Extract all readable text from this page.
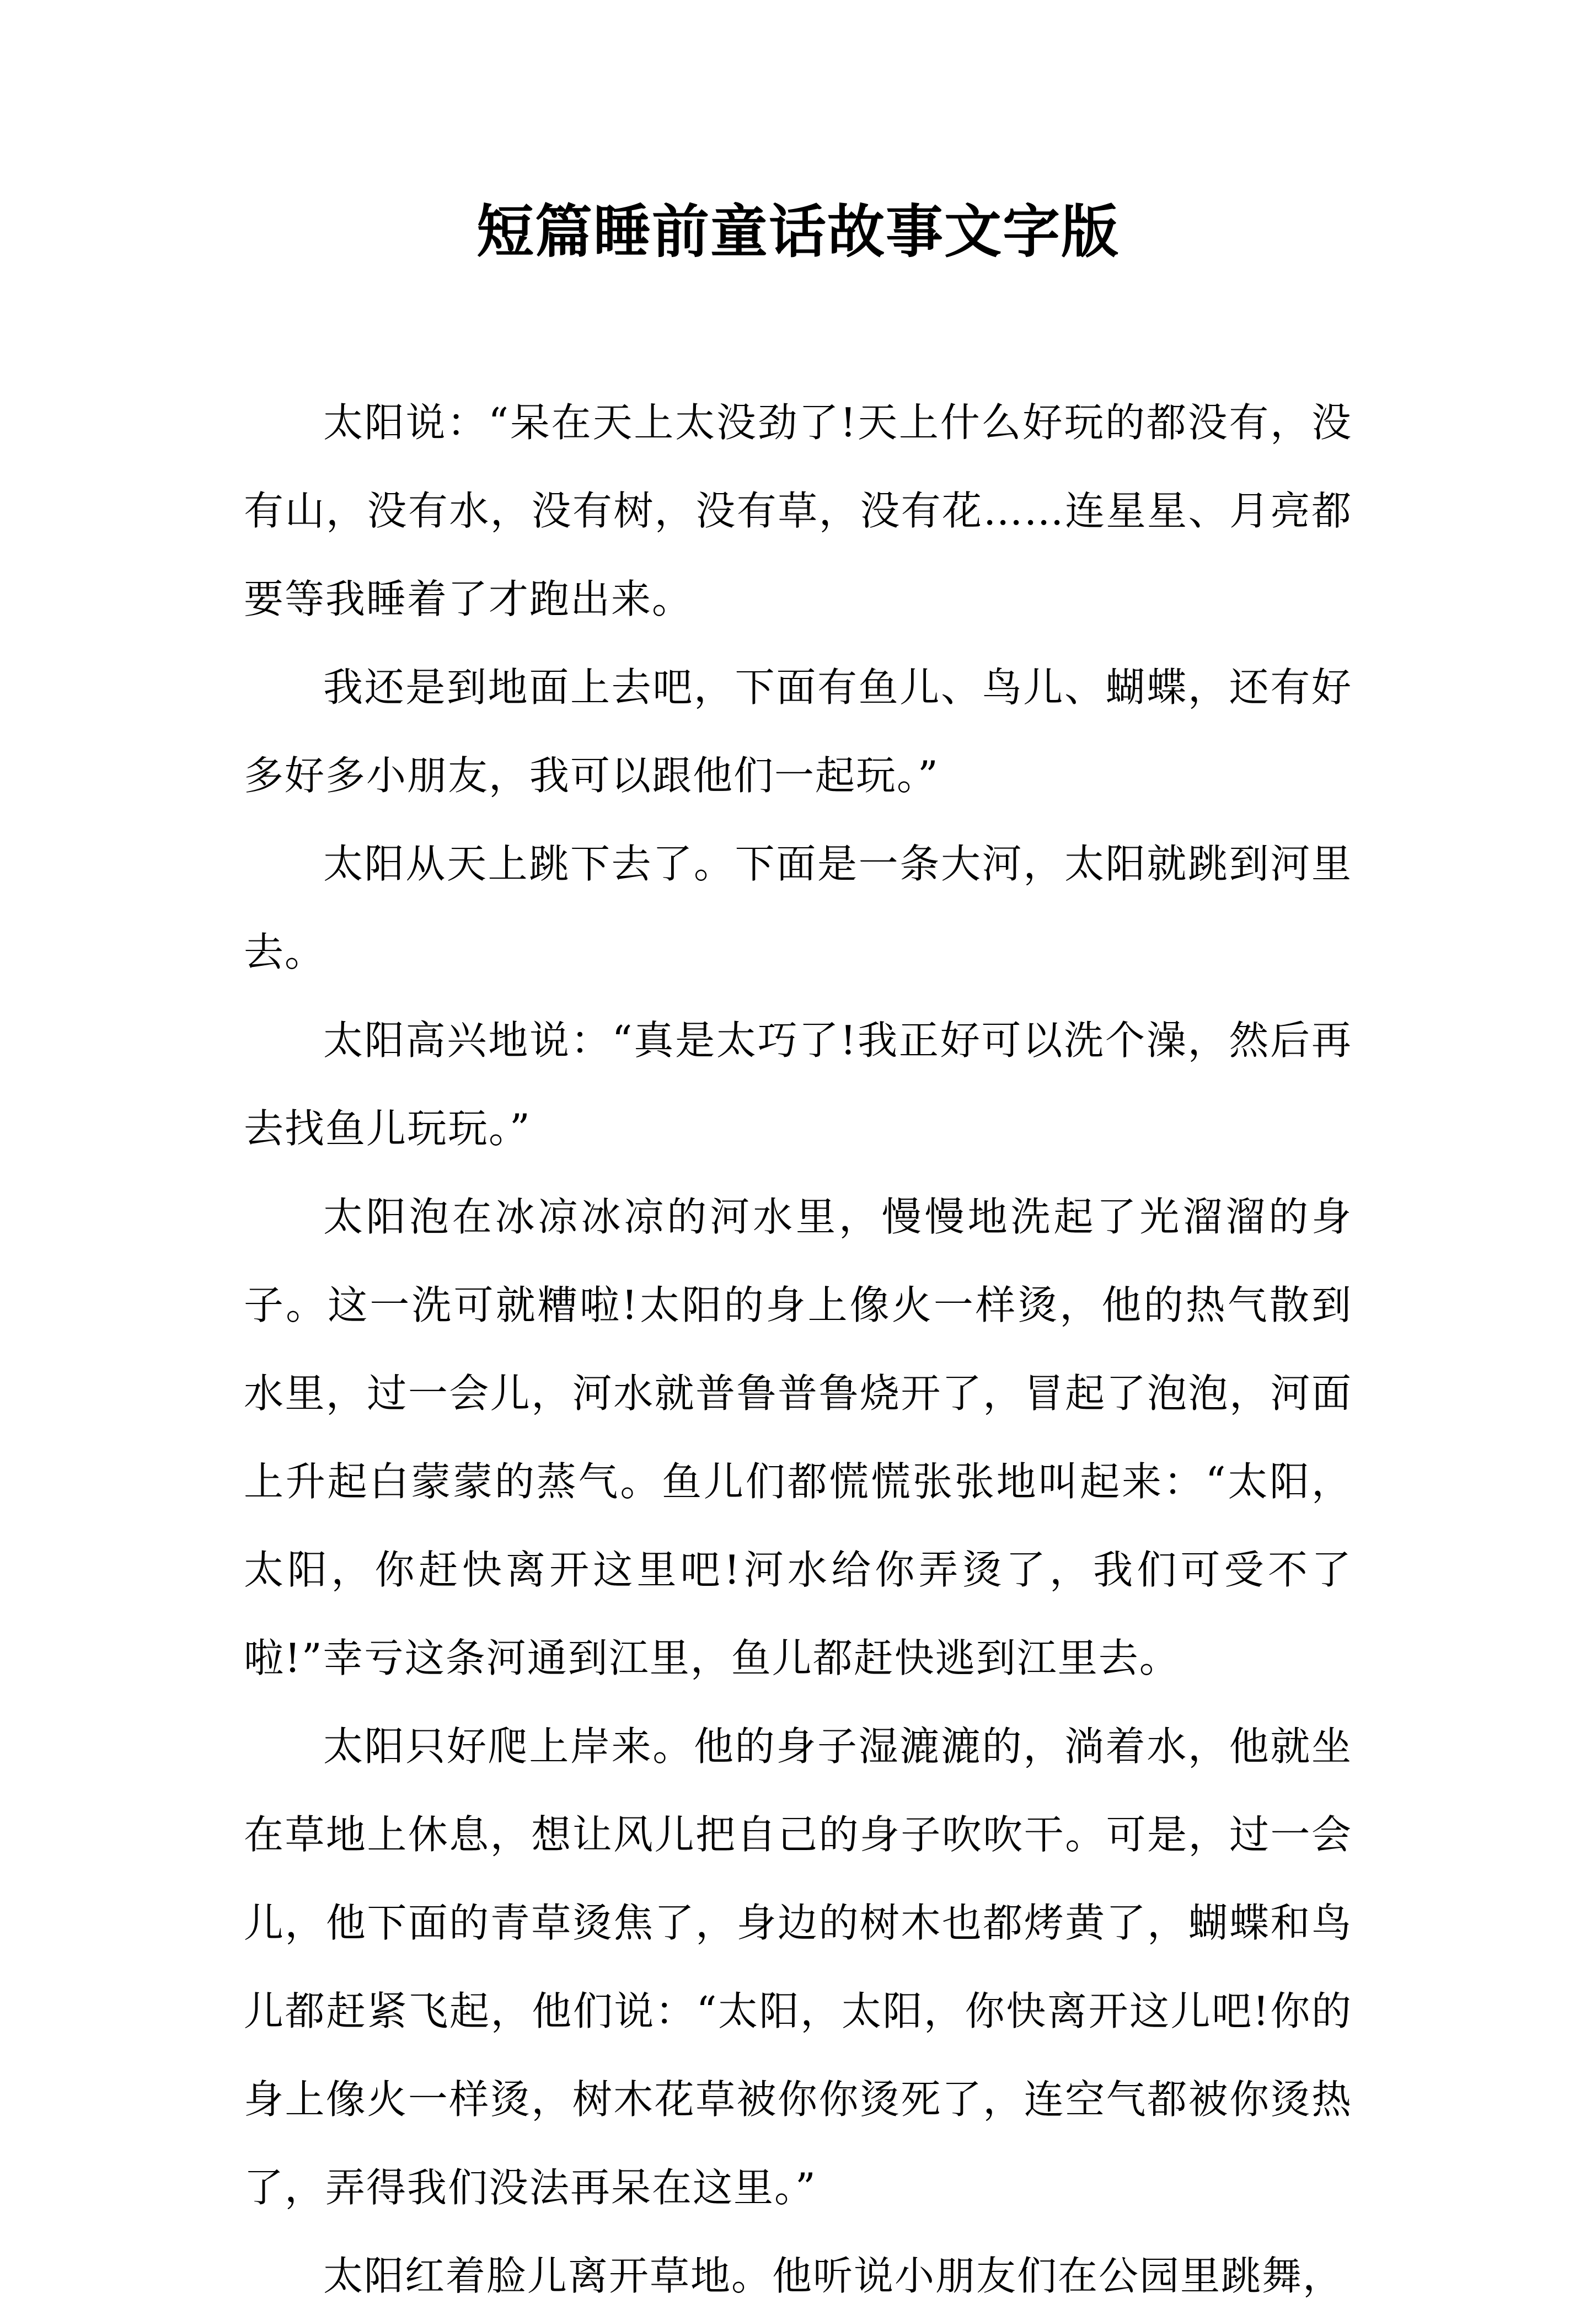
短篇睡前童话故事文字版

太阳说：“呆在天上太没劲了!天上什么好玩的都没有，没有山，没有水，没有树，没有草，没有花……连星星、月亮都要等我睡着了才跑出来。

我还是到地面上去吧，下面有鱼儿、鸟儿、蝴蝶，还有好多好多小朋友，我可以跟他们一起玩。”

太阳从天上跳下去了。下面是一条大河，太阳就跳到河里去。

太阳高兴地说：“真是太巧了!我正好可以洗个澡，然后再去找鱼儿玩玩。”

太阳泡在冰凉冰凉的河水里，慢慢地洗起了光溜溜的身子。这一洗可就糟啦!太阳的身上像火一样烫，他的热气散到水里，过一会儿，河水就普鲁普鲁烧开了，冒起了泡泡，河面上升起白蒙蒙的蒸气。鱼儿们都慌慌张张地叫起来：“太阳，太阳，你赶快离开这里吧!河水给你弄烫了，我们可受不了啦!”幸亏这条河通到江里，鱼儿都赶快逃到江里去。

太阳只好爬上岸来。他的身子湿漉漉的，淌着水，他就坐在草地上休息，想让风儿把自己的身子吹吹干。可是，过一会儿，他下面的青草烫焦了，身边的树木也都烤黄了，蝴蝶和鸟儿都赶紧飞起，他们说：“太阳，太阳，你快离开这儿吧!你的身上像火一样烫，树木花草被你你烫死了，连空气都被你烫热了，弄得我们没法再呆在这里。”

太阳红着脸儿离开草地。他听说小朋友们在公园里跳舞，
